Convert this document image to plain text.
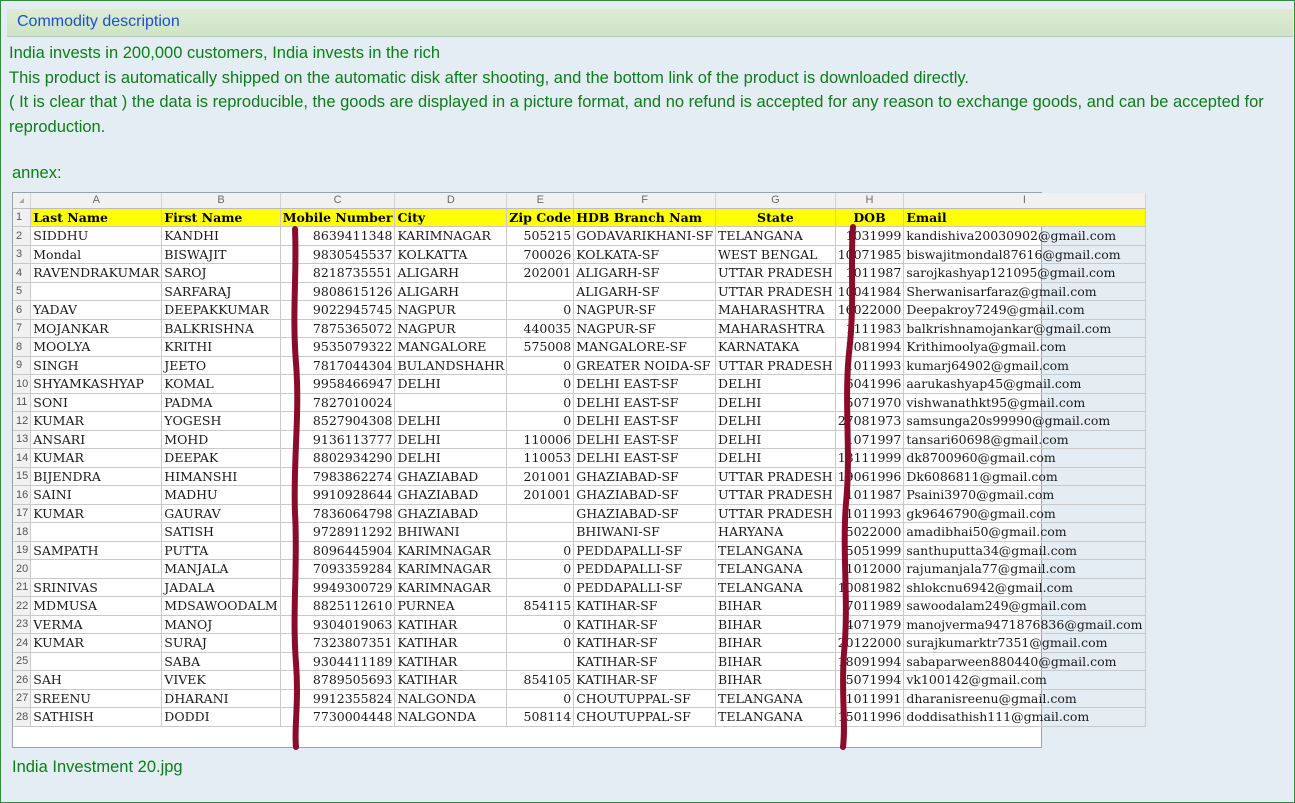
Commodity description

India invests in 200,000 customers, India invests in the rich

This product is automatically shipped on the automatic disk after shooting, and the bottom link of the product is downloaded directly.

( It is clear that ) the data is reproducible, the goods are displayed in a picture format, and no refund is accepted for any reason to exchange goods, and can be accepted for reproduction.

annex:
	A	B	C	D	E	F	G	H	I
1	Last Name	First Name	Mobile Number	City	Zip Code	HDB Branch Nam	State	DOB	Email
2	SIDDHU	KANDHI	8639411348	KARIMNAGAR	505215	GODAVARIKHANI-SF	TELANGANA	1031999	kandishiva20030902@gmail.com
3	Mondal	BISWAJIT	9830545537	KOLKATTA	700026	KOLKATA-SF	WEST BENGAL	10071985	biswajitmondal87616@gmail.com
4	RAVENDRAKUMAR	SAROJ	8218735551	ALIGARH	202001	ALIGARH-SF	UTTAR PRADESH	1011987	sarojkashyap121095@gmail.com
5		SARFARAJ	9808615126	ALIGARH		ALIGARH-SF	UTTAR PRADESH	10041984	Sherwanisarfaraz@gmail.com
6	YADAV	DEEPAKKUMAR	9022945745	NAGPUR	0	NAGPUR-SF	MAHARASHTRA	16022000	Deepakroy7249@gmail.com
7	MOJANKAR	BALKRISHNA	7875365072	NAGPUR	440035	NAGPUR-SF	MAHARASHTRA	1111983	balkrishnamojankar@gmail.com
8	MOOLYA	KRITHI	9535079322	MANGALORE	575008	MANGALORE-SF	KARNATAKA	3081994	Krithimoolya@gmail.com
9	SINGH	JEETO	7817044304	BULANDSHAHR	0	GREATER NOIDA-SF	UTTAR PRADESH	1011993	kumarj64902@gmail.com
10	SHYAMKASHYAP	KOMAL	9958466947	DELHI	0	DELHI EAST-SF	DELHI	6041996	aarukashyap45@gmail.com
11	SONI	PADMA	7827010024		0	DELHI EAST-SF	DELHI	5071970	vishwanathkt95@gmail.com
12	KUMAR	YOGESH	8527904308	DELHI	0	DELHI EAST-SF	DELHI	27081973	samsunga20s99990@gmail.com
13	ANSARI	MOHD	9136113777	DELHI	110006	DELHI EAST-SF	DELHI	1071997	tansari60698@gmail.com
14	KUMAR	DEEPAK	8802934290	DELHI	110053	DELHI EAST-SF	DELHI	18111999	dk8700960@gmail.com
15	BIJENDRA	HIMANSHI	7983862274	GHAZIABAD	201001	GHAZIABAD-SF	UTTAR PRADESH	19061996	Dk6086811@gmail.com
16	SAINI	MADHU	9910928644	GHAZIABAD	201001	GHAZIABAD-SF	UTTAR PRADESH	1011987	Psaini3970@gmail.com
17	KUMAR	GAURAV	7836064798	GHAZIABAD		GHAZIABAD-SF	UTTAR PRADESH	1011993	gk9646790@gmail.com
18		SATISH	9728911292	BHIWANI		BHIWANI-SF	HARYANA	5022000	amadibhai50@gmail.com
19	SAMPATH	PUTTA	8096445904	KARIMNAGAR	0	PEDDAPALLI-SF	TELANGANA	5051999	santhuputta34@gmail.com
20		MANJALA	7093359284	KARIMNAGAR	0	PEDDAPALLI-SF	TELANGANA	1012000	rajumanjala77@gmail.com
21	SRINIVAS	JADALA	9949300729	KARIMNAGAR	0	PEDDAPALLI-SF	TELANGANA	10081982	shlokcnu6942@gmail.com
22	MDMUSA	MDSAWOODALM	8825112610	PURNEA	854115	KATIHAR-SF	BIHAR	7011989	sawoodalam249@gmail.com
23	VERMA	MANOJ	9304019063	KATIHAR	0	KATIHAR-SF	BIHAR	4071979	manojverma9471876836@gmail.com
24	KUMAR	SURAJ	7323807351	KATIHAR	0	KATIHAR-SF	BIHAR	20122000	surajkumarktr7351@gmail.com
25		SABA	9304411189	KATIHAR		KATIHAR-SF	BIHAR	18091994	sabaparween880440@gmail.com
26	SAH	VIVEK	8789505693	KATIHAR	854105	KATIHAR-SF	BIHAR	5071994	vk100142@gmail.com
27	SREENU	DHARANI	9912355824	NALGONDA	0	CHOUTUPPAL-SF	TELANGANA	1011991	dharanisreenu@gmail.com
28	SATHISH	DODDI	7730004448	NALGONDA	508114	CHOUTUPPAL-SF	TELANGANA	15011996	doddisathish111@gmail.com
India Investment 20.jpg
